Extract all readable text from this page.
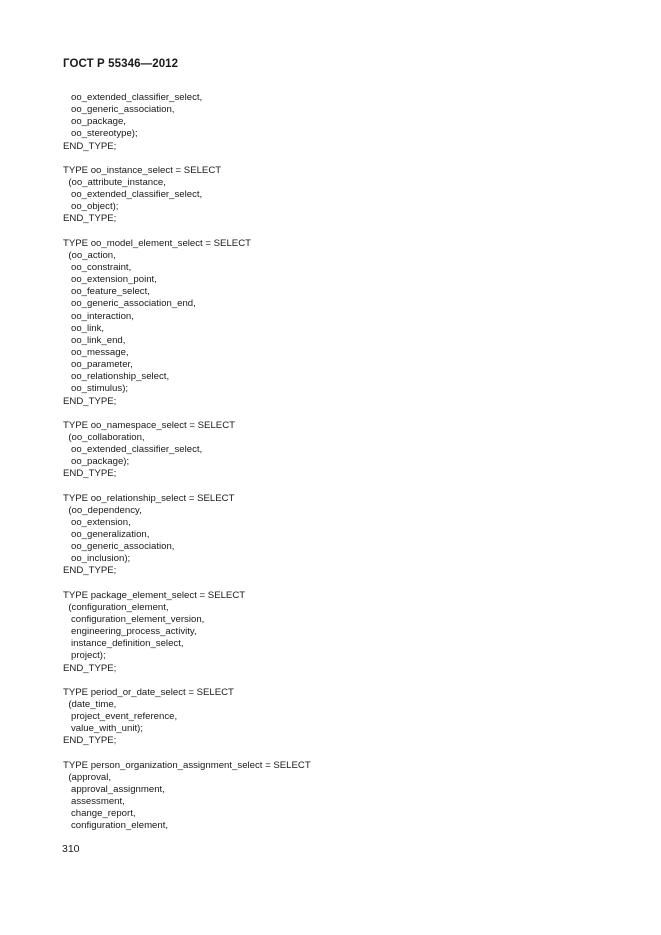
ГОСТ Р 55346—2012
oo_extended_classifier_select,
oo_generic_association,
oo_package,
oo_stereotype);
END_TYPE;
TYPE oo_instance_select = SELECT
(oo_attribute_instance,
oo_extended_classifier_select,
oo_object);
END_TYPE;
TYPE oo_model_element_select = SELECT
(oo_action,
oo_constraint,
oo_extension_point,
oo_feature_select,
oo_generic_association_end,
oo_interaction,
oo_link,
oo_link_end,
oo_message,
oo_parameter,
oo_relationship_select,
oo_stimulus);
END_TYPE;
TYPE oo_namespace_select = SELECT
(oo_collaboration,
oo_extended_classifier_select,
oo_package);
END_TYPE;
TYPE oo_relationship_select = SELECT
(oo_dependency,
oo_extension,
oo_generalization,
oo_generic_association,
oo_inclusion);
END_TYPE;
TYPE package_element_select = SELECT
(configuration_element,
configuration_element_version,
engineering_process_activity,
instance_definition_select,
project);
END_TYPE;
TYPE period_or_date_select = SELECT
(date_time,
project_event_reference,
value_with_unit);
END_TYPE;
TYPE person_organization_assignment_select = SELECT
(approval,
approval_assignment,
assessment,
change_report,
configuration_element,
310
